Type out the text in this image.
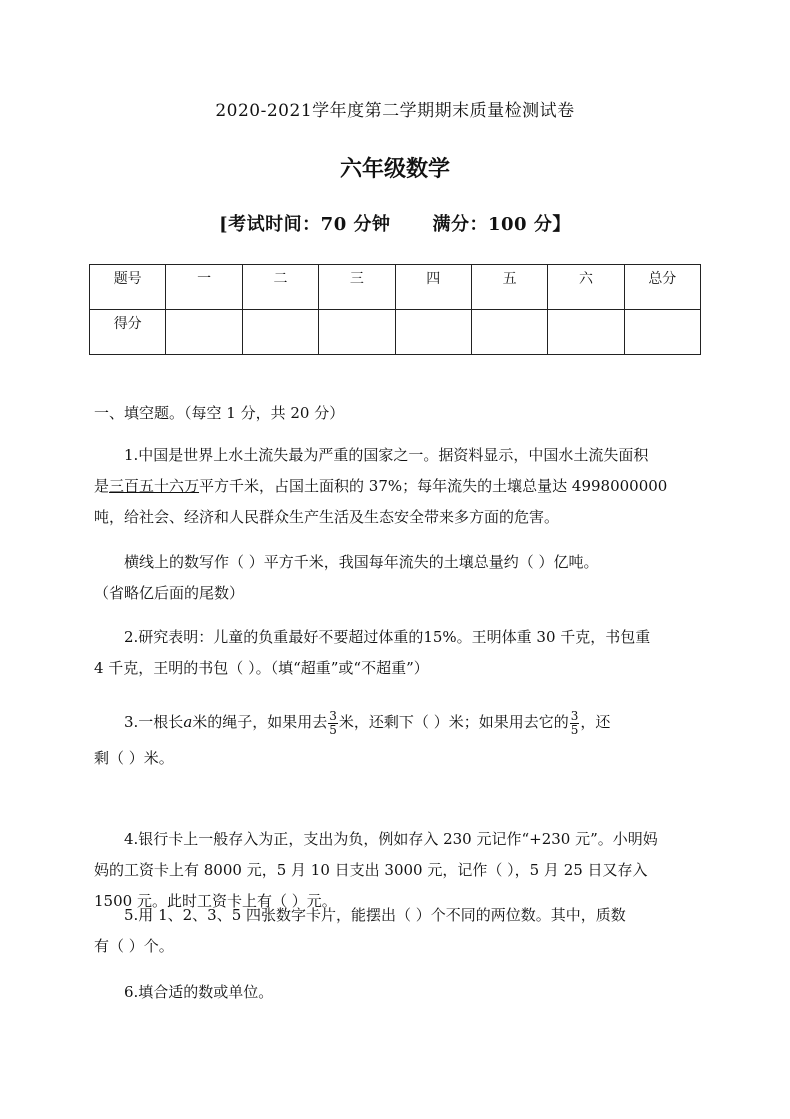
2020-2021学年度第二学期期末质量检测试卷
六年级数学
[考试时间：70 分钟 满分：100 分】
题号	一	二	三	四	五	六	总分
得分							
一、填空题。（每空 1 分，共 20 分）
1.中国是世界上水土流失最为严重的国家之一。据资料显示，中国水土流失面积
是三百五十六万平方千米，占国土面积的 37%；每年流失的土壤总量达 4998000000
吨，给社会、经济和人民群众生产生活及生态安全带来多方面的危害。
横线上的数写作（ ）平方千米，我国每年流失的土壤总量约（ ）亿吨。
（省略亿后面的尾数）
2.研究表明：儿童的负重最好不要超过体重的15%。王明体重 30 千克，书包重
4 千克，王明的书包（ ）。（填“超重”或“不超重”）
3.一根长a米的绳子，如果用去 $\frac{3}{5}$ 米，还剩下（ ）米；如果用去它的 $\frac{3}{5}$ ，还
剩（ ）米。
4.银行卡上一般存入为正，支出为负，例如存入 230 元记作“+230 元”。小明妈
妈的工资卡上有 8000 元，5 月 10 日支出 3000 元，记作（ ），5 月 25 日又存入
1500 元。此时工资卡上有（ ）元。
5.用 1、2、3、5 四张数字卡片，能摆出（ ）个不同的两位数。其中，质数
有（ ）个。
6.填合适的数或单位。
